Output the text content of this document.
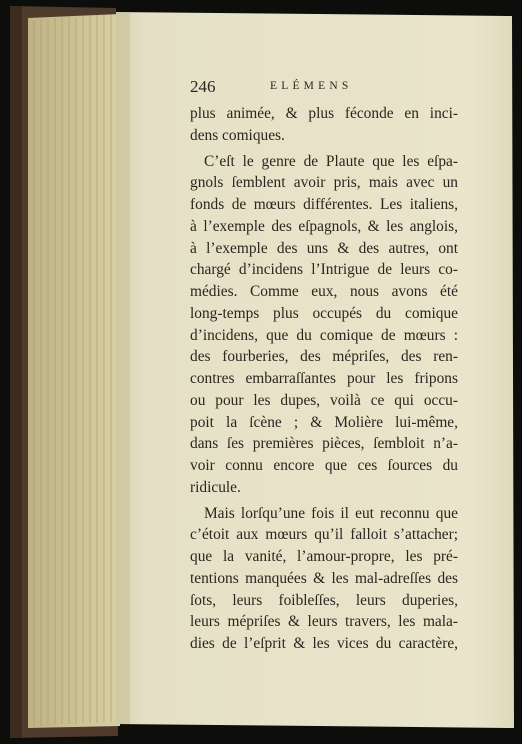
246	ELÉMENS
plus animée, & plus féconde en inci-
dens comiques.
C’eſt le genre de Plaute que les eſpa-
gnols ſemblent avoir pris, mais avec un
fonds de mœurs différentes. Les italiens,
à l’exemple des eſpagnols, & les anglois,
à l’exemple des uns & des autres, ont
chargé d’incidens l’Intrigue de leurs co-
médies. Comme eux, nous avons été
long-temps plus occupés du comique
d’incidens, que du comique de mœurs :
des fourberies, des mépriſes, des ren-
contres embarraſſantes pour les fripons
ou pour les dupes, voilà ce qui occu-
poit la ſcène ; & Molière lui-même,
dans ſes premières pièces, ſembloit n’a-
voir connu encore que ces ſources du
ridicule.
Mais lorſqu’une fois il eut reconnu que
c’étoit aux mœurs qu’il falloit s’attacher;
que la vanité, l’amour-propre, les pré-
tentions manquées & les mal-adreſſes des
ſots, leurs foibleſſes, leurs duperies,
leurs mépriſes & leurs travers, les mala-
dies de l’eſprit & les vices du caractère,
